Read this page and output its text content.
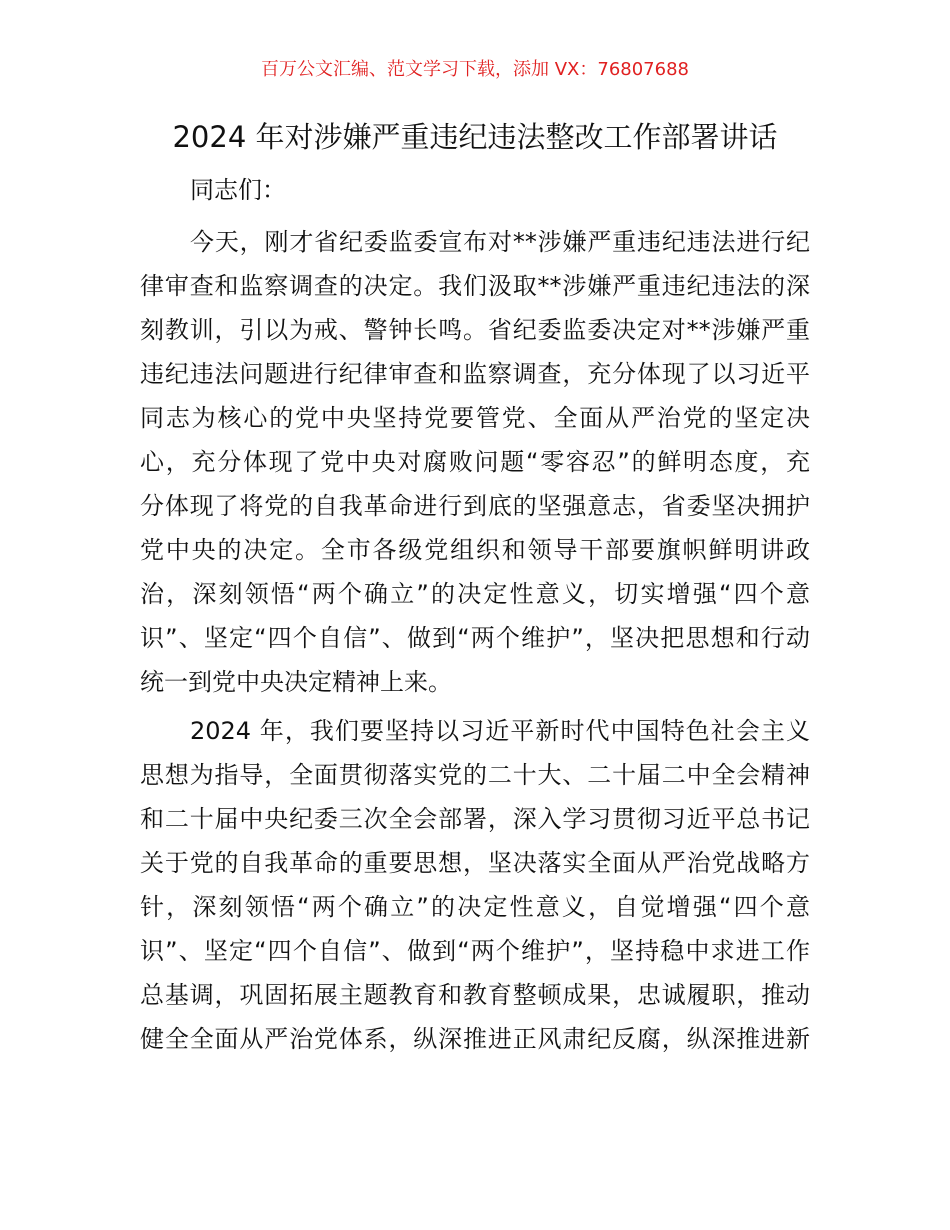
百万公文汇编、范文学习下载，添加 VX：76807688
2024 年对涉嫌严重违纪违法整改工作部署讲话
同志们：
今天，刚才省纪委监委宣布对**涉嫌严重违纪违法进行纪
律审查和监察调查的决定。我们汲取**涉嫌严重违纪违法的深
刻教训，引以为戒、警钟长鸣。省纪委监委决定对**涉嫌严重
违纪违法问题进行纪律审查和监察调查，充分体现了以习近平
同志为核心的党中央坚持党要管党、全面从严治党的坚定决
心，充分体现了党中央对腐败问题“零容忍”的鲜明态度，充
分体现了将党的自我革命进行到底的坚强意志，省委坚决拥护
党中央的决定。全市各级党组织和领导干部要旗帜鲜明讲政
治，深刻领悟“两个确立”的决定性意义，切实增强“四个意
识”、坚定“四个自信”、做到“两个维护”，坚决把思想和行动
统一到党中央决定精神上来。
2024 年，我们要坚持以习近平新时代中国特色社会主义
思想为指导，全面贯彻落实党的二十大、二十届二中全会精神
和二十届中央纪委三次全会部署，深入学习贯彻习近平总书记
关于党的自我革命的重要思想，坚决落实全面从严治党战略方
针，深刻领悟“两个确立”的决定性意义，自觉增强“四个意
识”、坚定“四个自信”、做到“两个维护”，坚持稳中求进工作
总基调，巩固拓展主题教育和教育整顿成果，忠诚履职，推动
健全全面从严治党体系，纵深推进正风肃纪反腐，纵深推进新
